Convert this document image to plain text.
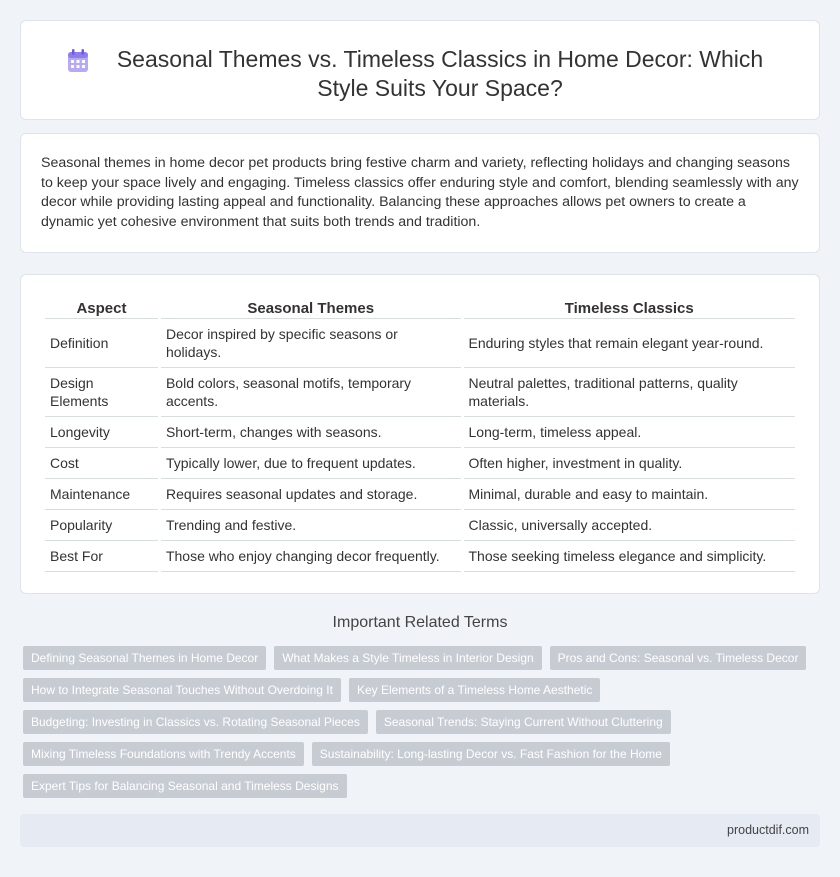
Seasonal Themes vs. Timeless Classics in Home Decor: Which Style Suits Your Space?

Seasonal themes in home decor pet products bring festive charm and variety, reflecting holidays and changing seasons to keep your space lively and engaging. Timeless classics offer enduring style and comfort, blending seamlessly with any decor while providing lasting appeal and functionality. Balancing these approaches allows pet owners to create a dynamic yet cohesive environment that suits both trends and tradition.

Aspect	Seasonal Themes	Timeless Classics
Definition	Decor inspired by specific seasons or holidays.	Enduring styles that remain elegant year-round.
Design Elements	Bold colors, seasonal motifs, temporary accents.	Neutral palettes, traditional patterns, quality materials.
Longevity	Short-term, changes with seasons.	Long-term, timeless appeal.
Cost	Typically lower, due to frequent updates.	Often higher, investment in quality.
Maintenance	Requires seasonal updates and storage.	Minimal, durable and easy to maintain.
Popularity	Trending and festive.	Classic, universally accepted.
Best For	Those who enjoy changing decor frequently.	Those seeking timeless elegance and simplicity.
Important Related Terms
Defining Seasonal Themes in Home Decor	What Makes a Style Timeless in Interior Design	Pros and Cons: Seasonal vs. Timeless Decor
How to Integrate Seasonal Touches Without Overdoing It	Key Elements of a Timeless Home Aesthetic
Budgeting: Investing in Classics vs. Rotating Seasonal Pieces	Seasonal Trends: Staying Current Without Cluttering
Mixing Timeless Foundations with Trendy Accents	Sustainability: Long-lasting Decor vs. Fast Fashion for the Home
Expert Tips for Balancing Seasonal and Timeless Designs
productdif.com
